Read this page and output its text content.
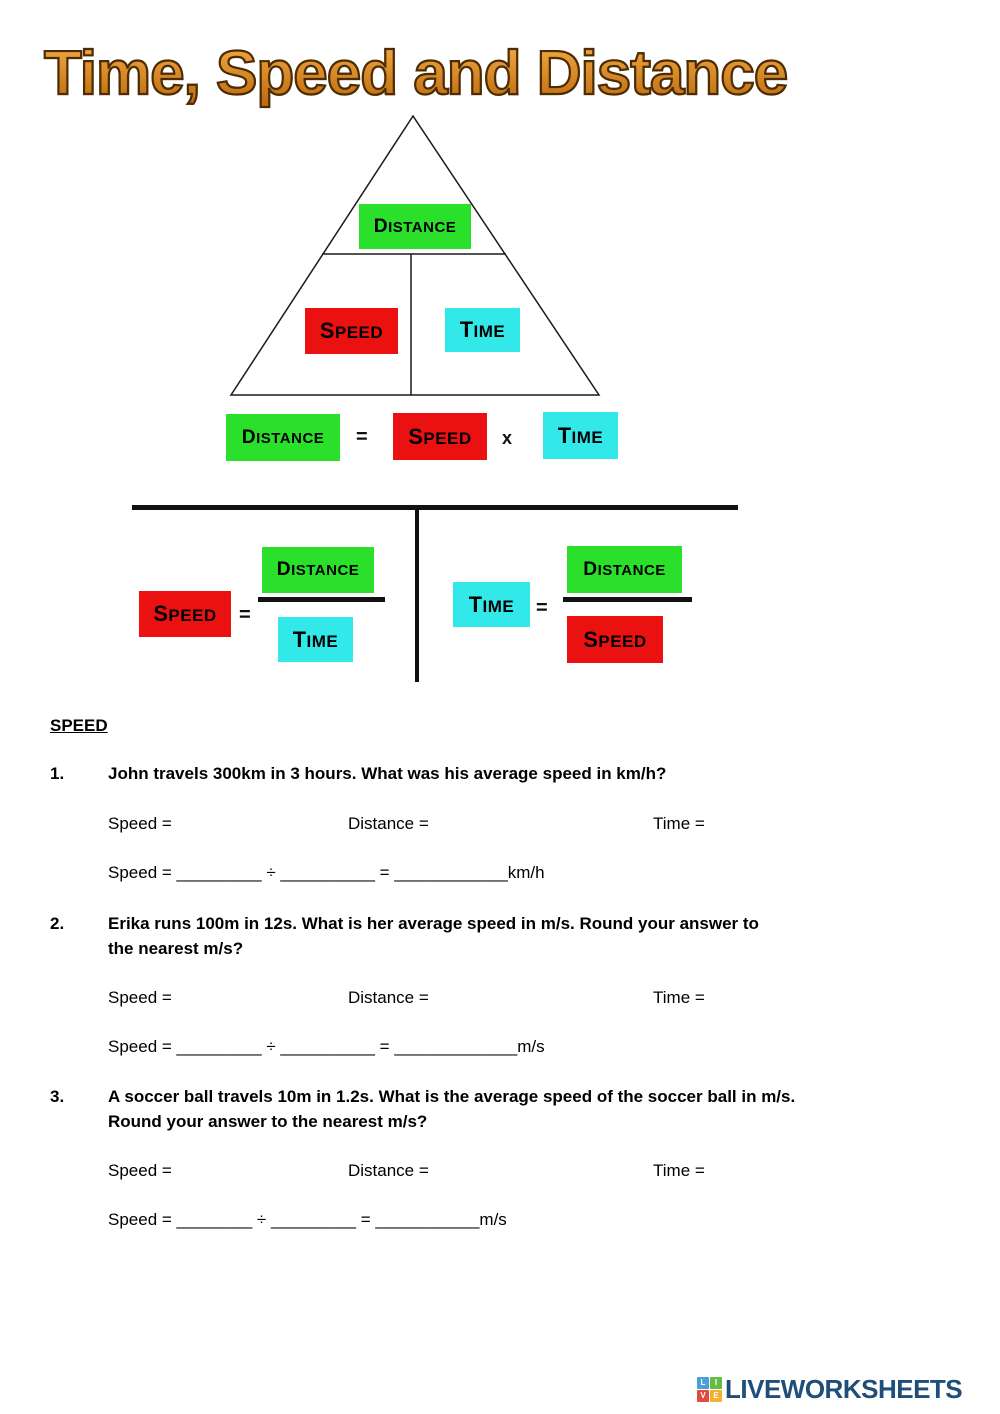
Time, Speed and Distance
DISTANCE
SPEED	TIME
DISTANCE = SPEED x	TIME
SPEED =
DISTANCE
TIME
TIME =
DISTANCE
SPEED
SPEED
1.	John travels 300km in 3 hours. What was his average speed in km/h?
Speed =	Distance =	Time =
Speed = _________ ÷ __________ = ____________km/h
2.	Erika runs 100m in 12s. What is her average speed in m/s. Round your answer to
the nearest m/s?
Speed =	Distance =	Time =
Speed = _________ ÷ __________ = _____________m/s
3.	A soccer ball travels 10m in 1.2s. What is the average speed of the soccer ball in m/s.
Round your answer to the nearest m/s?
Speed =	Distance =	Time =
Speed = ________ ÷ _________ = ___________m/s
L	I
V E LIVEWORKSHEETS
